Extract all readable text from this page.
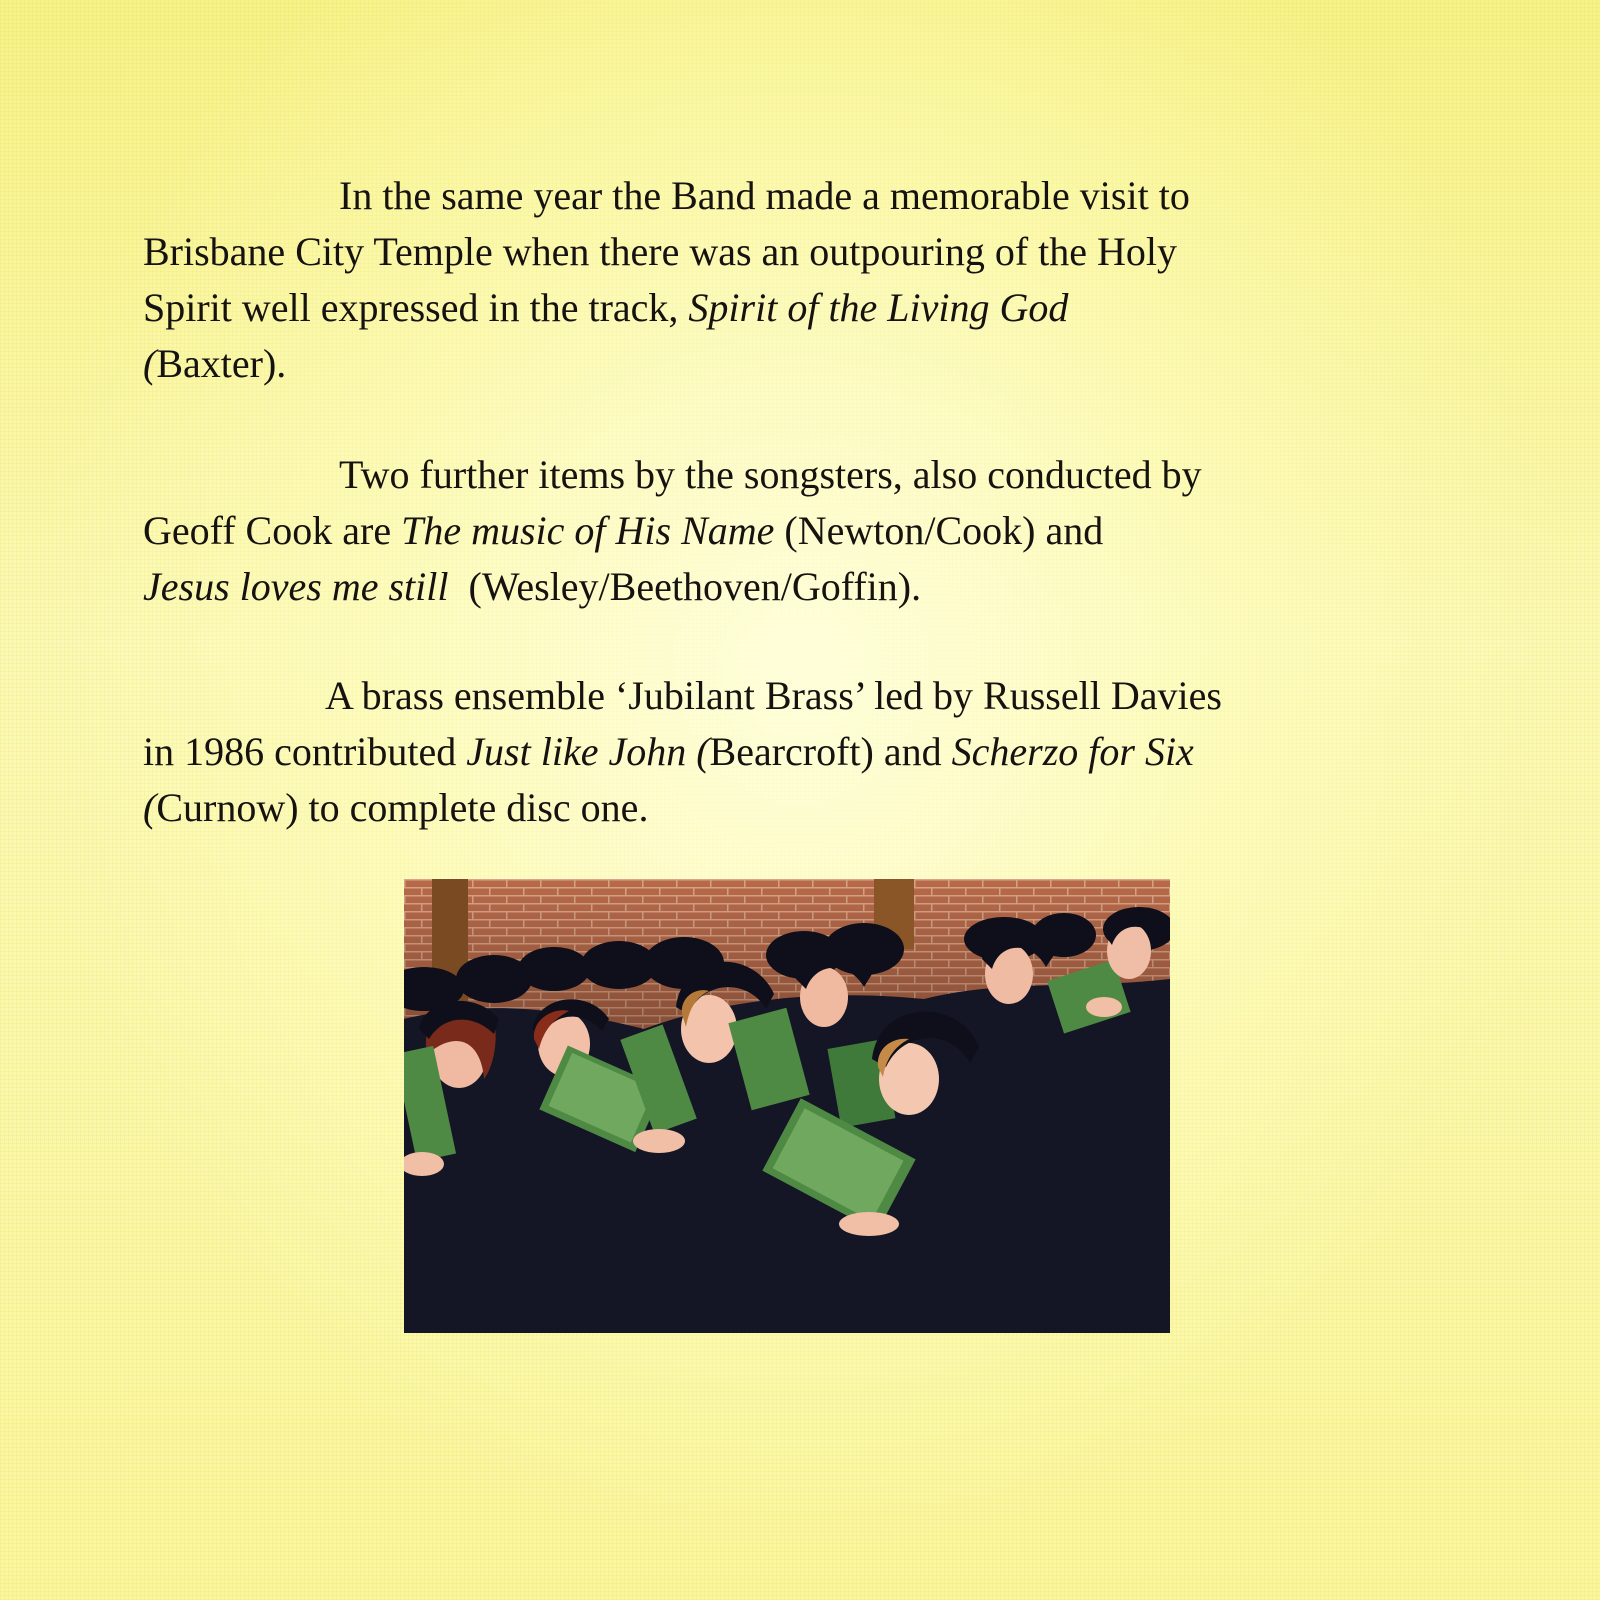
In the same year the Band made a memorable visit to
Brisbane City Temple when there was an outpouring of the Holy
Spirit well expressed in the track, Spirit of the Living God
(Baxter).
Two further items by the songsters, also conducted by
Geoff Cook are The music of His Name (Newton/Cook) and
Jesus loves me still  (Wesley/Beethoven/Goffin).
A brass ensemble ‘Jubilant Brass’ led by Russell Davies
in 1986 contributed Just like John (Bearcroft) and Scherzo for Six
(Curnow) to complete disc one.
